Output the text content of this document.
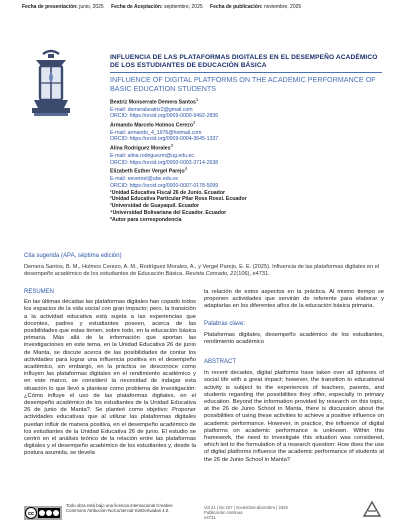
Fecha de presentación: junio, 2025 Fecha de Aceptación: septiembre, 2025 Fecha de publicación: noviembre, 2025
INFLUENCIA DE LAS PLATAFORMAS DIGITALES EN EL DESEMPEÑO ACADÉMICO DE LOS ESTUDIANTES DE EDUCACIÓN BÁSICA
INFLUENCE OF DIGITAL PLATFORMS ON THE ACADEMIC PERFORMANCE OF BASIC EDUCATION STUDENTS
Beatriz Monserrate Demera Santos$^1$
E-mail: demerabeatriz2@gmail.com
ORCID: https://orcid.org/0009-0000-9492-2836
Armando Marcelo Holmos Cerezo$^2$
E-mail: armando_4_1976@hotmail.com
ORCID: https://orcid.org/0009-0004-3645-1337
Alina Rodríguez Morales$^3$
E-mail: alina.rodriguezm@ug.edu.ec
ORCID: https://orcid.org/0000-0003-3714-2638
Elizabeth Esther Vergel Parejo$^4$
E-mail: eeveroel@ube.edu.ec
ORCID: https://orcid.org/0000-0007-0178-5099
¹Unidad Educativa Fiscal 26 de Junio. Ecuador
²Unidad Educativa Particular Pilar Ross Rossi. Ecuador
³Universidad de Guayaquil. Ecuador
⁴Universidad Bolivariana del Ecuador. Ecuador
*Autor para correspondencia
Cita sugerida (APA, séptima edición)
Demera Santos, B. M., Holmos Cerezo, A. M., Rodríguez Morales, A., y Vergel Parejo, E. E. (2025). Influencia de las plataformas digitales en el desempeño académico de los estudiantes de Educación Básica. Revista Conrado, 21(106), e4731.
RESUMEN

En las últimas décadas las plataformas digitales han copado todos los espacios de la vida social con gran impacto; pero, la transición a la actividad educativa está sujeta a las experiencias que docentes, padres y estudiantes poseen, acerca de las posibilidades que estas tienen, sobre todo, en la educación básica primaria. Más allá de la información que aportan las investigaciones en este tema, en la Unidad Educativa 26 de junio de Manta, se discute acerca de las posibilidades de contar los actividades para lograr una influencia positiva en el desempeño académico, sin embargo, en la práctica se desconoce como influyen las plataformas digitales en el rendimiento académico y en este marco, se consideró la necesidad de indagar esta situación lo que llevó a plantear como problema de investigación: ¿Cómo influye el uso de las plataformas digitales, en el desempeño académico de los estudiantes de la Unidad Educativa 26 de junio de Manta?. Se planteó como objetivo: Proponer actividades educativas que al utilizar las plataformas digitales puedan influir de manera positiva, en el desempeño académico de los estudiantes de la Unidad Educativa 26 de junio. El estudio se centró en el análisis teórico de la relación entre las plataformas digitales y el desempeño académico de los estudiantes y, desde la postura asumida, se devela

la relación de estos aspectos en la práctica. Al mismo tiempo se proponen actividades que servirán de referente para elaborar y adaptarlas en los diferentes años de la educación básica primaria.
Palabras clave:
Plataformas digitales, desempeño académico de los estudiantes, rendimiento académico
ABSTRACT
In recent decades, digital platforms have taken over all spheres of social life with a great impact; however, the transition to educational activity is subject to the experiences of teachers, parents, and students regarding the possibilities they offer, especially in primary education. Beyond the information provided by research on this topic, at the 26 de Junio School in Manta, there is discussion about the possibilities of using these activities to achieve a positive influence on academic performance. However, in practice, the influence of digital platforms on academic performance is unknown. Within this framework, the need to investigate this situation was considered, which led to the formulation of a research question: How does the use of digital platforms influence the academic performance of students at the 26 de Junio School in Manta?
cc
Todo obra está bajo una licencia internacional Creative Commons Atribución-NoComercial-SinDerivadas 4.0.
Vol 21 | No 107 | noviembre-diciembre | 2025
Publicación continua
e4731
